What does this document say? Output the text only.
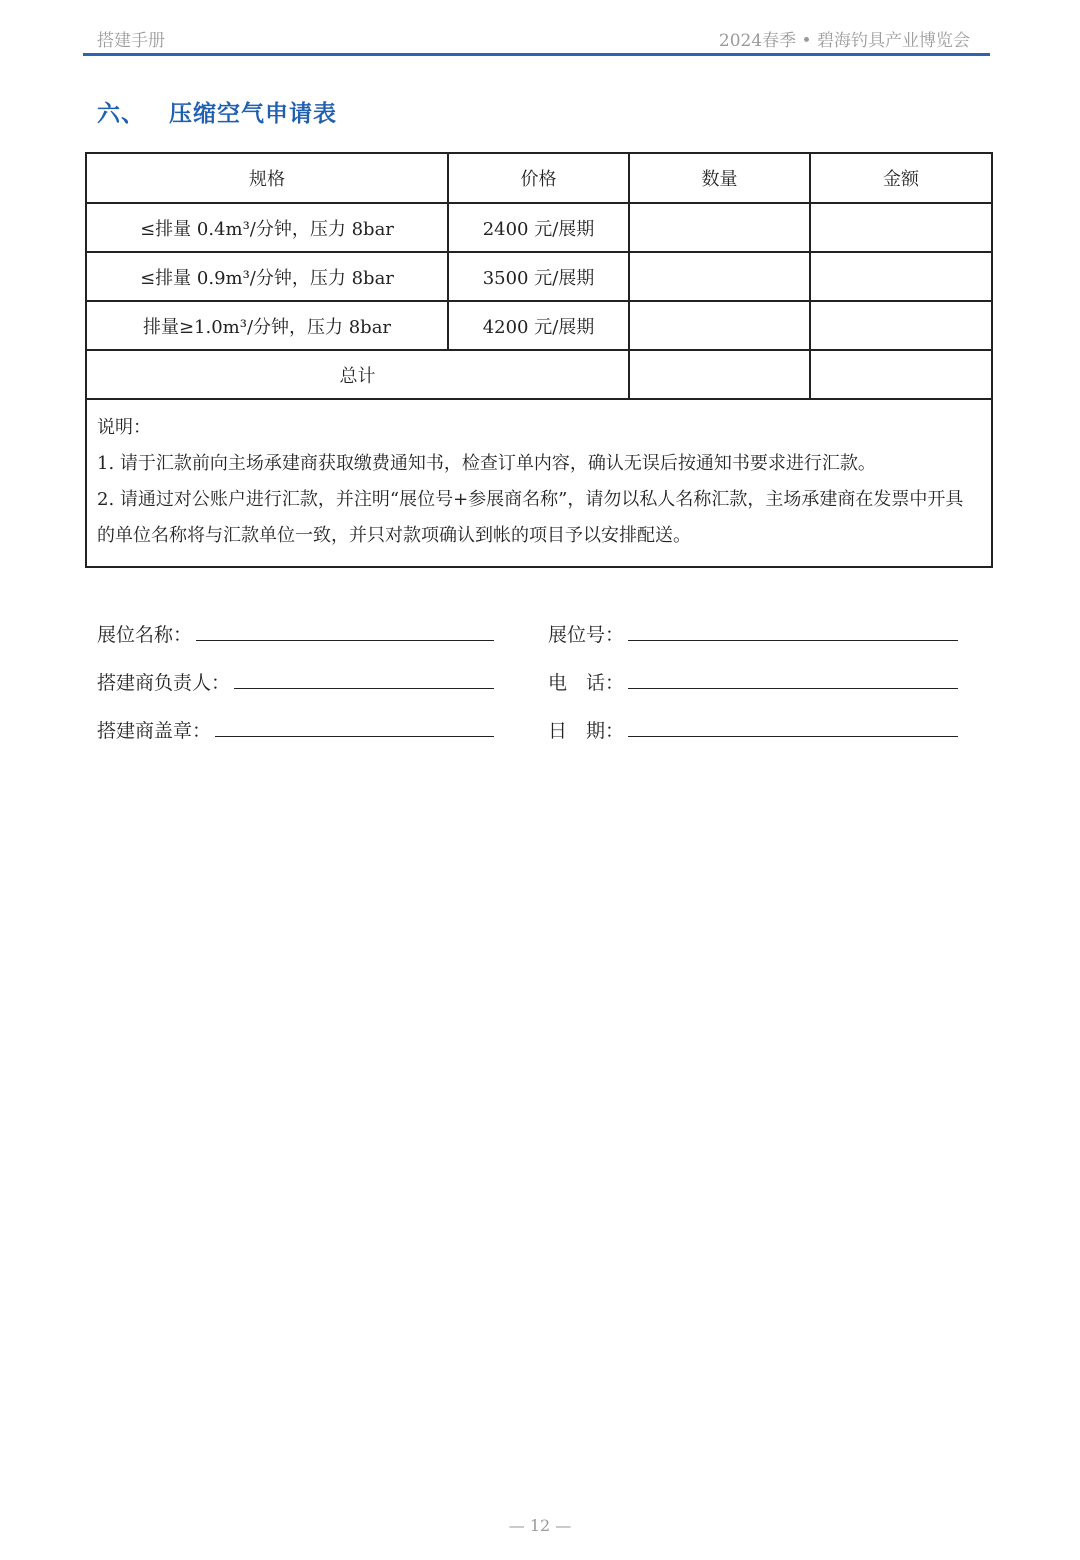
搭建手册	2024春季 • 碧海钓具产业博览会
六、 压缩空气申请表
规格	价格	数量	金额
≤排量 0.4m³/分钟，压力 8bar	2400 元/展期		
≤排量 0.9m³/分钟，压力 8bar	3500 元/展期		
排量≥1.0m³/分钟，压力 8bar	4200 元/展期		
总计			

说明：

1. 请于汇款前向主场承建商获取缴费通知书，检查订单内容，确认无误后按通知书要求进行汇款。

2. 请通过对公账户进行汇款，并注明“展位号+参展商名称”，请勿以私人名称汇款，主场承建商在发票中开具的单位名称将与汇款单位一致，并只对款项确认到帐的项目予以安排配送。			

展位名称：	展位号：
搭建商负责人：	电　话：
搭建商盖章：	日　期：
— 12 —
